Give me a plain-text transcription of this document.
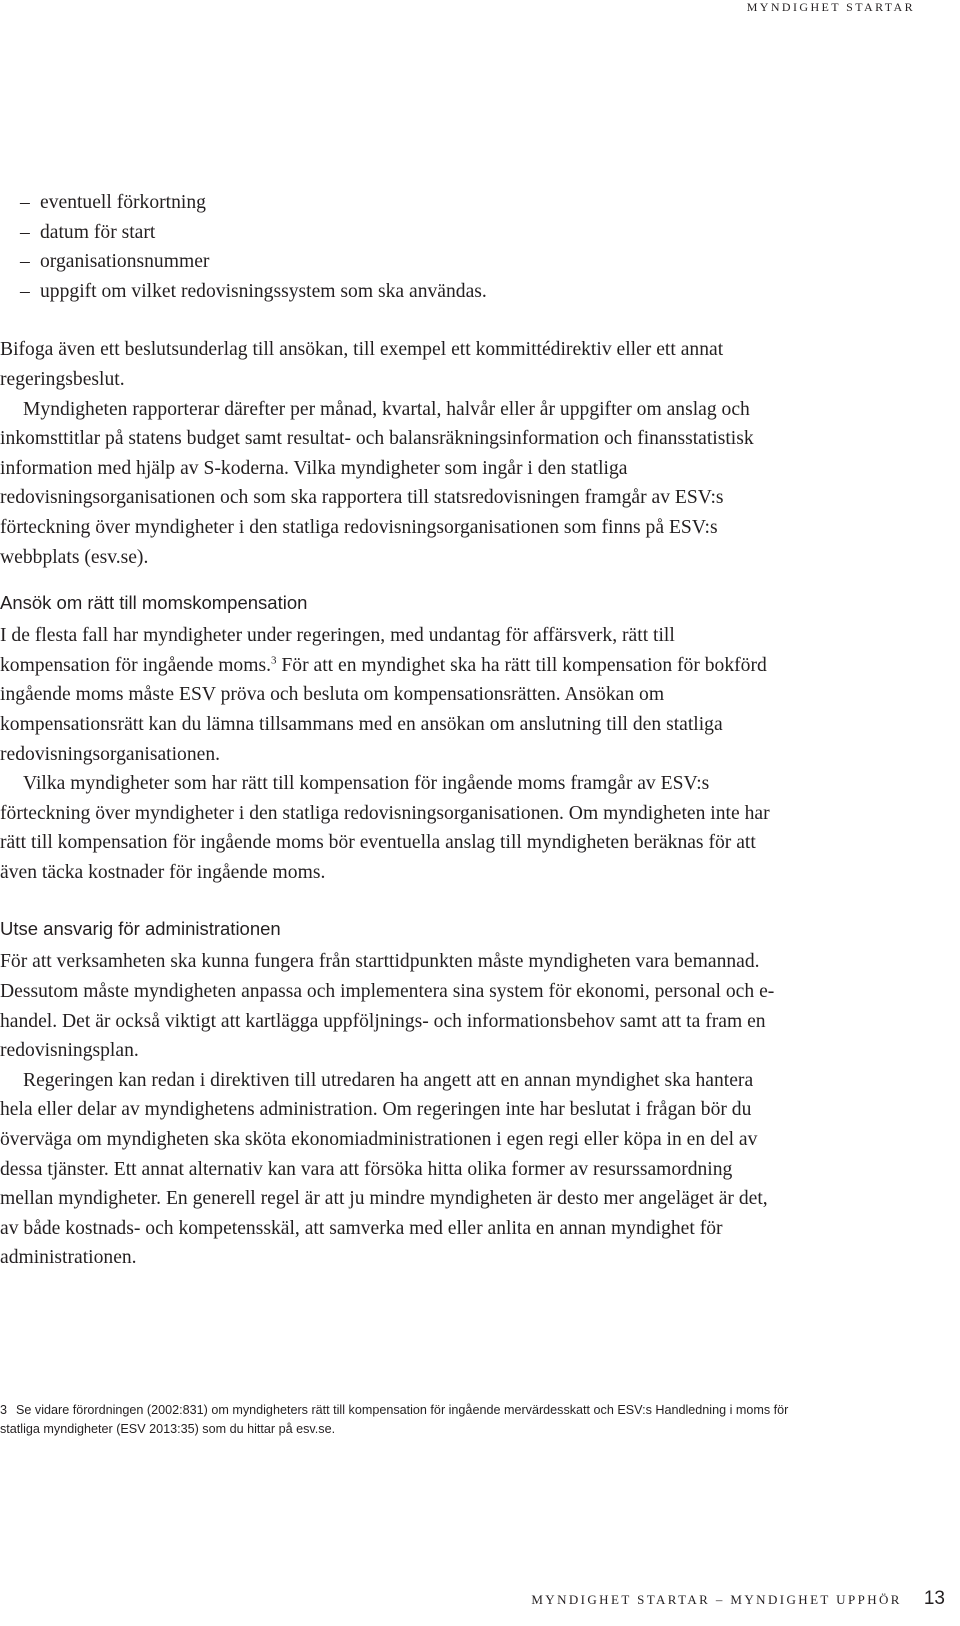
MYNDIGHET STARTAR
– eventuell förkortning
– datum för start
– organisationsnummer
– uppgift om vilket redovisningssystem som ska användas.

Bifoga även ett beslutsunderlag till ansökan, till exempel ett kommittédirektiv eller ett annat regeringsbeslut.

Myndigheten rapporterar därefter per månad, kvartal, halvår eller år uppgifter om anslag och inkomsttitlar på statens budget samt resultat- och balansräkningsinformation och finansstatistisk information med hjälp av S-koderna. Vilka myndigheter som ingår i den statliga redovisningsorganisationen och som ska rapportera till statsredovisningen framgår av ESV:s förteckning över myndigheter i den statliga redovisningsorganisationen som finns på ESV:s webbplats (esv.se).

Ansök om rätt till momskompensation

I de flesta fall har myndigheter under regeringen, med undantag för affärsverk, rätt till kompensation för ingående moms.$^3$ För att en myndighet ska ha rätt till kompensation för bokförd ingående moms måste ESV pröva och besluta om kompensationsrätten. Ansökan om kompensationsrätt kan du lämna tillsammans med en ansökan om anslutning till den statliga redovisningsorganisationen.

Vilka myndigheter som har rätt till kompensation för ingående moms framgår av ESV:s förteckning över myndigheter i den statliga redovisningsorganisationen. Om myndigheten inte har rätt till kompensation för ingående moms bör eventuella anslag till myndigheten beräknas för att även täcka kostnader för ingående moms.

Utse ansvarig för administrationen

För att verksamheten ska kunna fungera från starttidpunkten måste myndigheten vara bemannad. Dessutom måste myndigheten anpassa och implementera sina system för ekonomi, personal och e-handel. Det är också viktigt att kartlägga uppföljnings- och informationsbehov samt att ta fram en redovisningsplan.

Regeringen kan redan i direktiven till utredaren ha angett att en annan myndighet ska hantera hela eller delar av myndighetens administration. Om regeringen inte har beslutat i frågan bör du överväga om myndigheten ska sköta ekonomiadministrationen i egen regi eller köpa in en del av dessa tjänster. Ett annat alternativ kan vara att försöka hitta olika former av resurssamordning mellan myndigheter. En generell regel är att ju mindre myndigheten är desto mer angeläget är det, av både kostnads- och kompetensskäl, att samverka med eller anlita en annan myndighet för administrationen.

3 Se vidare förordningen (2002:831) om myndigheters rätt till kompensation för ingående mervärdesskatt och ESV:s Handledning i moms för statliga myndigheter (ESV 2013:35) som du hittar på esv.se.
MYNDIGHET STARTAR – MYNDIGHET UPPHÖR 13
